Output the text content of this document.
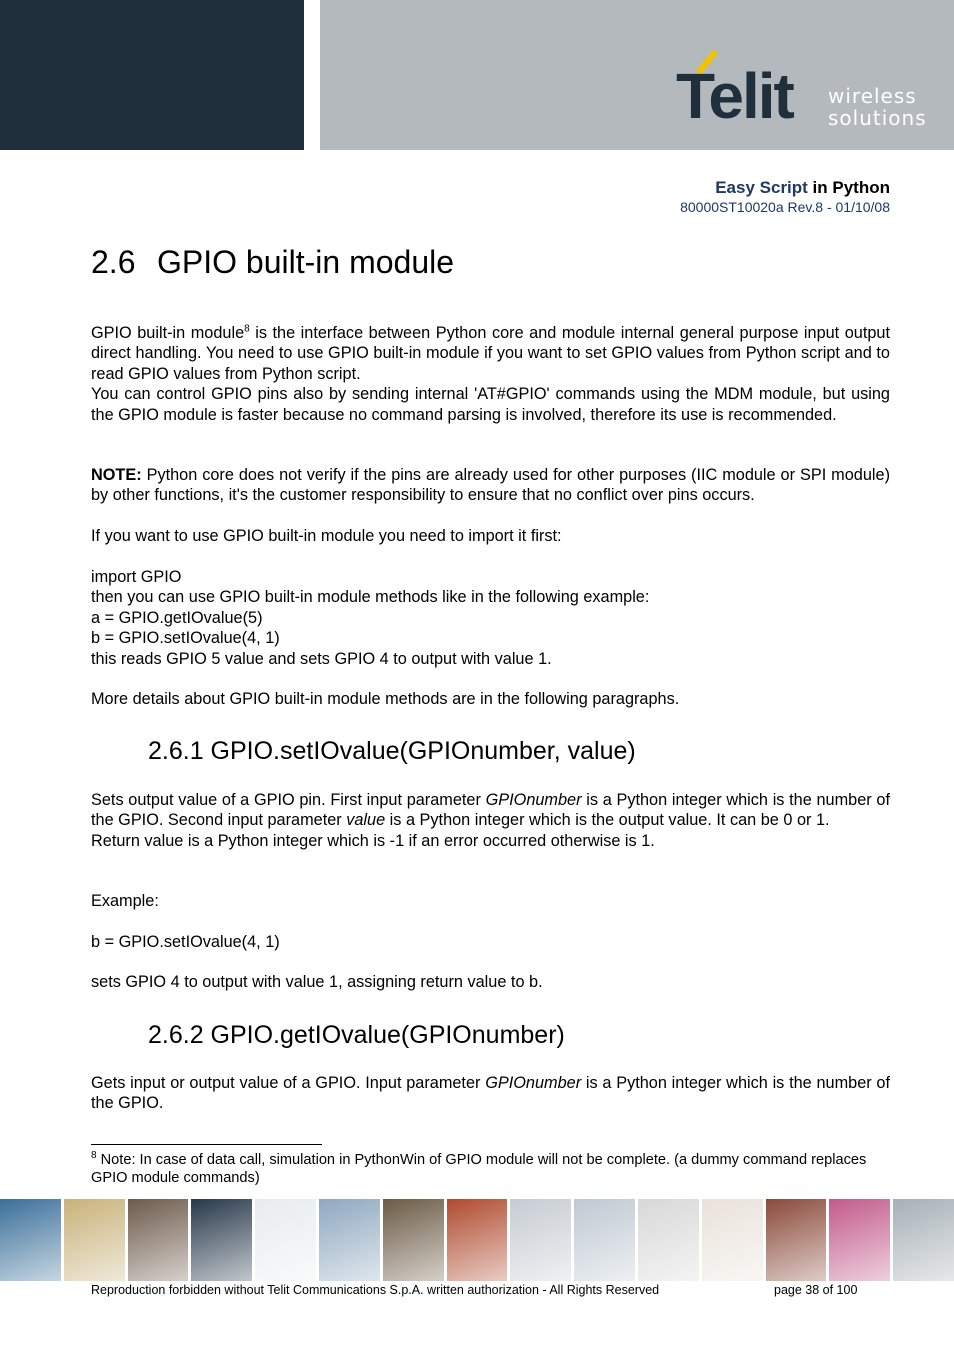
Telit wireless
solutions
Easy Script in Python
80000ST10020a Rev.8 - 01/10/08
2.6 GPIO built-in module
GPIO built-in module$^8$ is the interface between Python core and module internal general purpose input output direct handling. You need to use GPIO built-in module if you want to set GPIO values from Python script and to read GPIO values from Python script.
You can control GPIO pins also by sending internal 'AT#GPIO' commands using the MDM module, but using the GPIO module is faster because no command parsing is involved, therefore its use is recommended.
NOTE: Python core does not verify if the pins are already used for other purposes (IIC module or SPI module) by other functions, it's the customer responsibility to ensure that no conflict over pins occurs.
If you want to use GPIO built-in module you need to import it first:
import GPIO
then you can use GPIO built-in module methods like in the following example:
a = GPIO.getIOvalue(5)
b = GPIO.setIOvalue(4, 1)
this reads GPIO 5 value and sets GPIO 4 to output with value 1.
More details about GPIO built-in module methods are in the following paragraphs.
2.6.1 GPIO.setIOvalue(GPIOnumber, value)
Sets output value of a GPIO pin. First input parameter GPIOnumber is a Python integer which is the number of the GPIO. Second input parameter value is a Python integer which is the output value. It can be 0 or 1.
Return value is a Python integer which is -1 if an error occurred otherwise is 1.
Example:
b = GPIO.setIOvalue(4, 1)
sets GPIO 4 to output with value 1, assigning return value to b.
2.6.2 GPIO.getIOvalue(GPIOnumber)
Gets input or output value of a GPIO. Input parameter GPIOnumber is a Python integer which is the number of the GPIO.
$^8$ Note: In case of data call, simulation in PythonWin of GPIO module will not be complete. (a dummy command replaces GPIO module commands)
Reproduction forbidden without Telit Communications S.p.A. written authorization - All Rights Reserved	page 38 of 100
